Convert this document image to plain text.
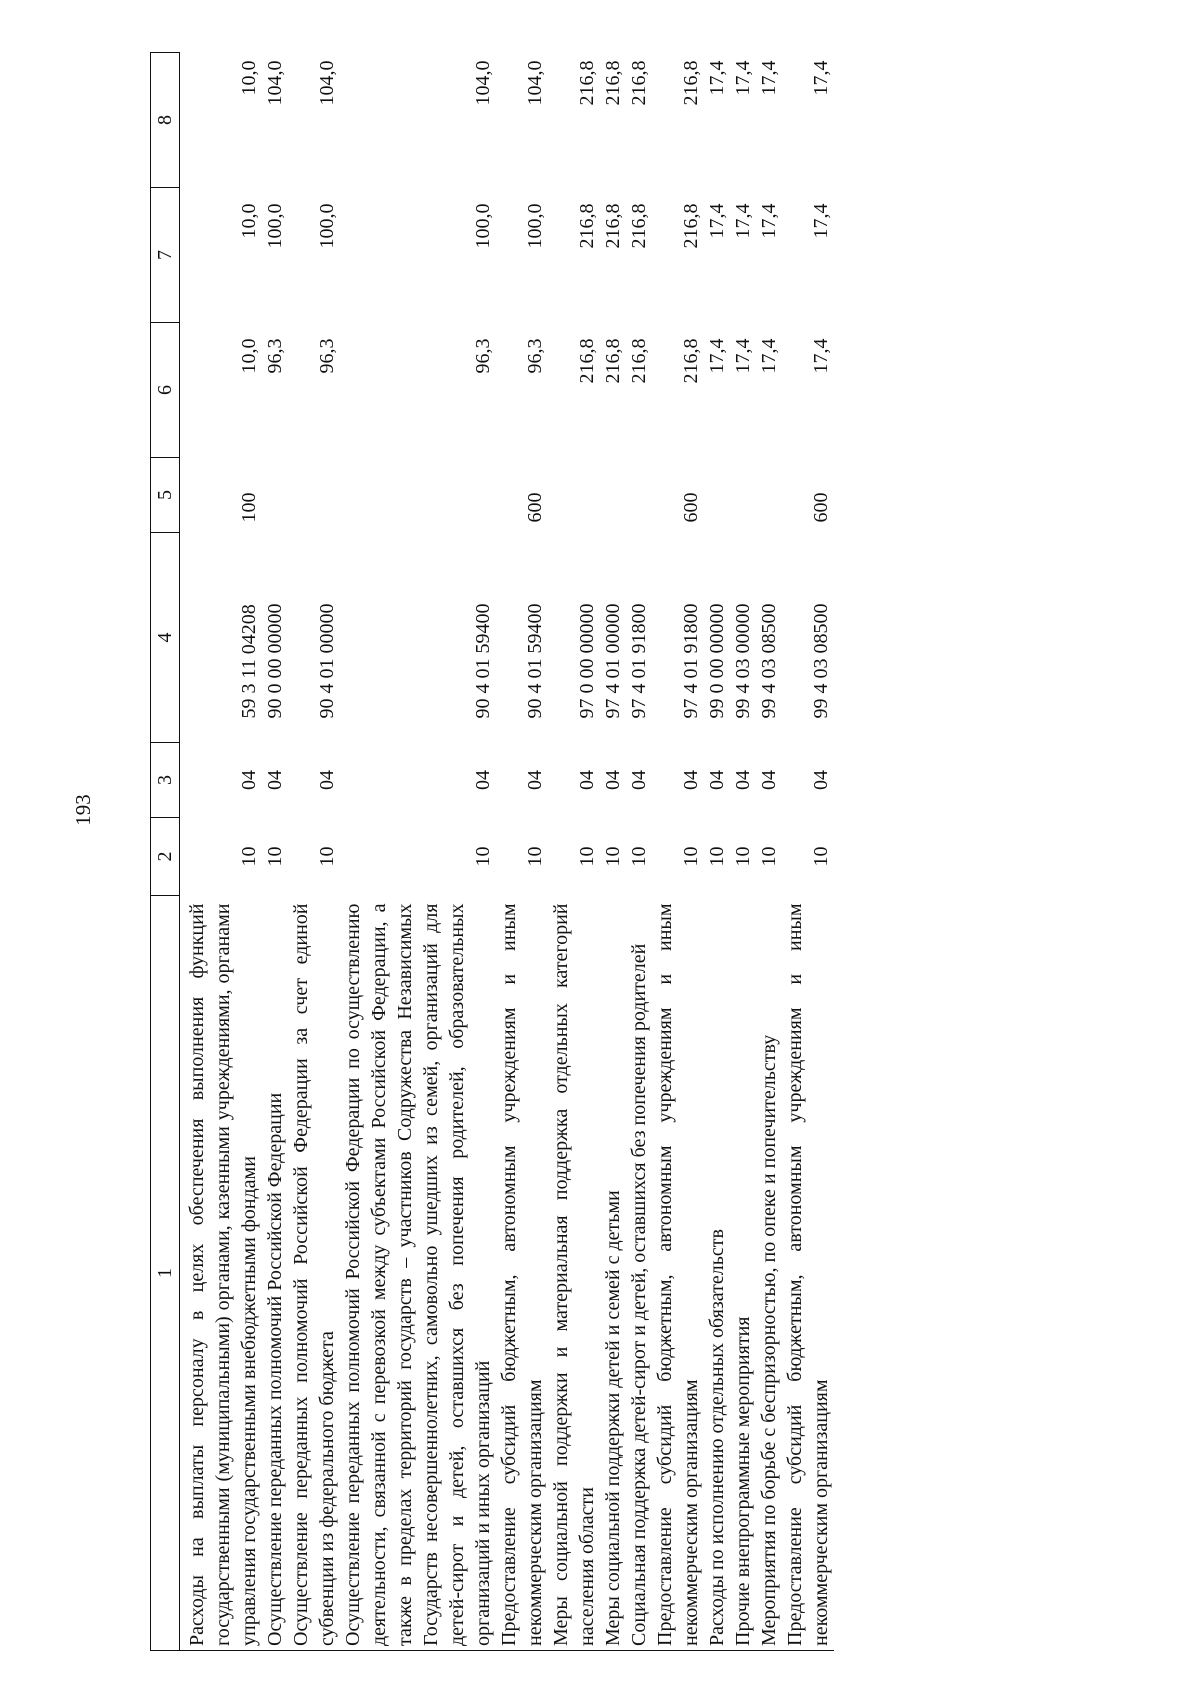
193
1	2	3	4	5	6	7	8
Расходы на выплаты персоналу в целях обеспечения выполнения функций государственными (муниципальными) органами, казенными учреждениями, органами управления государственными внебюджетными фондами	10	04	59 3 11 04208	100	10,0	10,0	10,0
Осуществление переданных полномочий Российской Федерации	10	04	90 0 00 00000		96,3	100,0	104,0
Осуществление переданных полномочий Российской Федерации за счет единой субвенции из федерального бюджета	10	04	90 4 01 00000		96,3	100,0	104,0
Осуществление переданных полномочий Российской Федерации по осуществлению деятельности, связанной с перевозкой между субъектами Российской Федерации, а также в пределах территорий государств – участников Содружества Независимых Государств несовершеннолетних, самовольно ушедших из семей, организаций для детей-сирот и детей, оставшихся без попечения родителей, образовательных организаций и иных организаций	10	04	90 4 01 59400		96,3	100,0	104,0
Предоставление субсидий бюджетным, автономным учреждениям и иным некоммерческим организациям	10	04	90 4 01 59400	600	96,3	100,0	104,0
Меры социальной поддержки и материальная поддержка отдельных категорий населения области	10	04	97 0 00 00000		216,8	216,8	216,8
Меры социальной поддержки детей и семей с детьми	10	04	97 4 01 00000		216,8	216,8	216,8
Социальная поддержка детей-сирот и детей, оставшихся без попечения родителей	10	04	97 4 01 91800		216,8	216,8	216,8
Предоставление субсидий бюджетным, автономным учреждениям и иным некоммерческим организациям	10	04	97 4 01 91800	600	216,8	216,8	216,8
Расходы по исполнению отдельных обязательств	10	04	99 0 00 00000		17,4	17,4	17,4
Прочие внепрограммные мероприятия	10	04	99 4 03 00000		17,4	17,4	17,4
Мероприятия по борьбе с беспризорностью, по опеке и попечительству	10	04	99 4 03 08500		17,4	17,4	17,4
Предоставление субсидий бюджетным, автономным учреждениям и иным некоммерческим организациям	10	04	99 4 03 08500	600	17,4	17,4	17,4
